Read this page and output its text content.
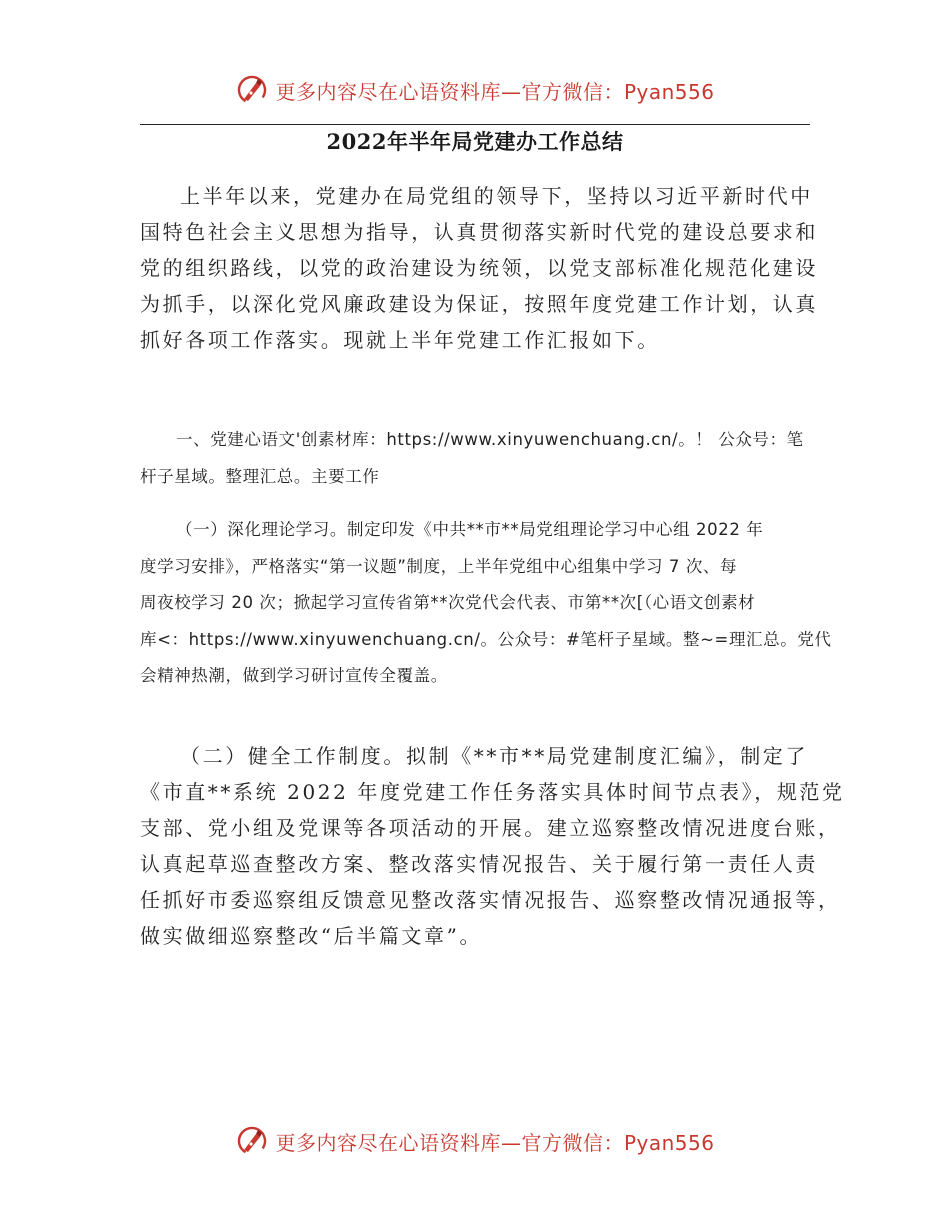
更多内容尽在心语资料库—官方微信：Pyan556
2022年半年局党建办工作总结
上半年以来，党建办在局党组的领导下，坚持以习近平新时代中
国特色社会主义思想为指导，认真贯彻落实新时代党的建设总要求和
党的组织路线，以党的政治建设为统领，以党支部标准化规范化建设
为抓手，以深化党风廉政建设为保证，按照年度党建工作计划，认真
抓好各项工作落实。现就上半年党建工作汇报如下。
一、党建心语文'创素材库：https://www.xinyuwenchuang.cn/。！ 公众号：笔
杆子星域。整理汇总。主要工作
（一）深化理论学习。制定印发《中共**市**局党组理论学习中心组 2022 年
度学习安排》，严格落实“第一议题”制度，上半年党组中心组集中学习 7 次、每
周夜校学习 20 次；掀起学习宣传省第**次党代会代表、市第**次[（心语文创素材
库<：https://www.xinyuwenchuang.cn/。公众号：#笔杆子星域。整~=理汇总。党代
会精神热潮，做到学习研讨宣传全覆盖。
（二）健全工作制度。拟制《**市**局党建制度汇编》，制定了
《市直**系统 2022 年度党建工作任务落实具体时间节点表》，规范党
支部、党小组及党课等各项活动的开展。建立巡察整改情况进度台账，
认真起草巡查整改方案、整改落实情况报告、关于履行第一责任人责
任抓好市委巡察组反馈意见整改落实情况报告、巡察整改情况通报等，
做实做细巡察整改“后半篇文章”。
更多内容尽在心语资料库—官方微信：Pyan556
